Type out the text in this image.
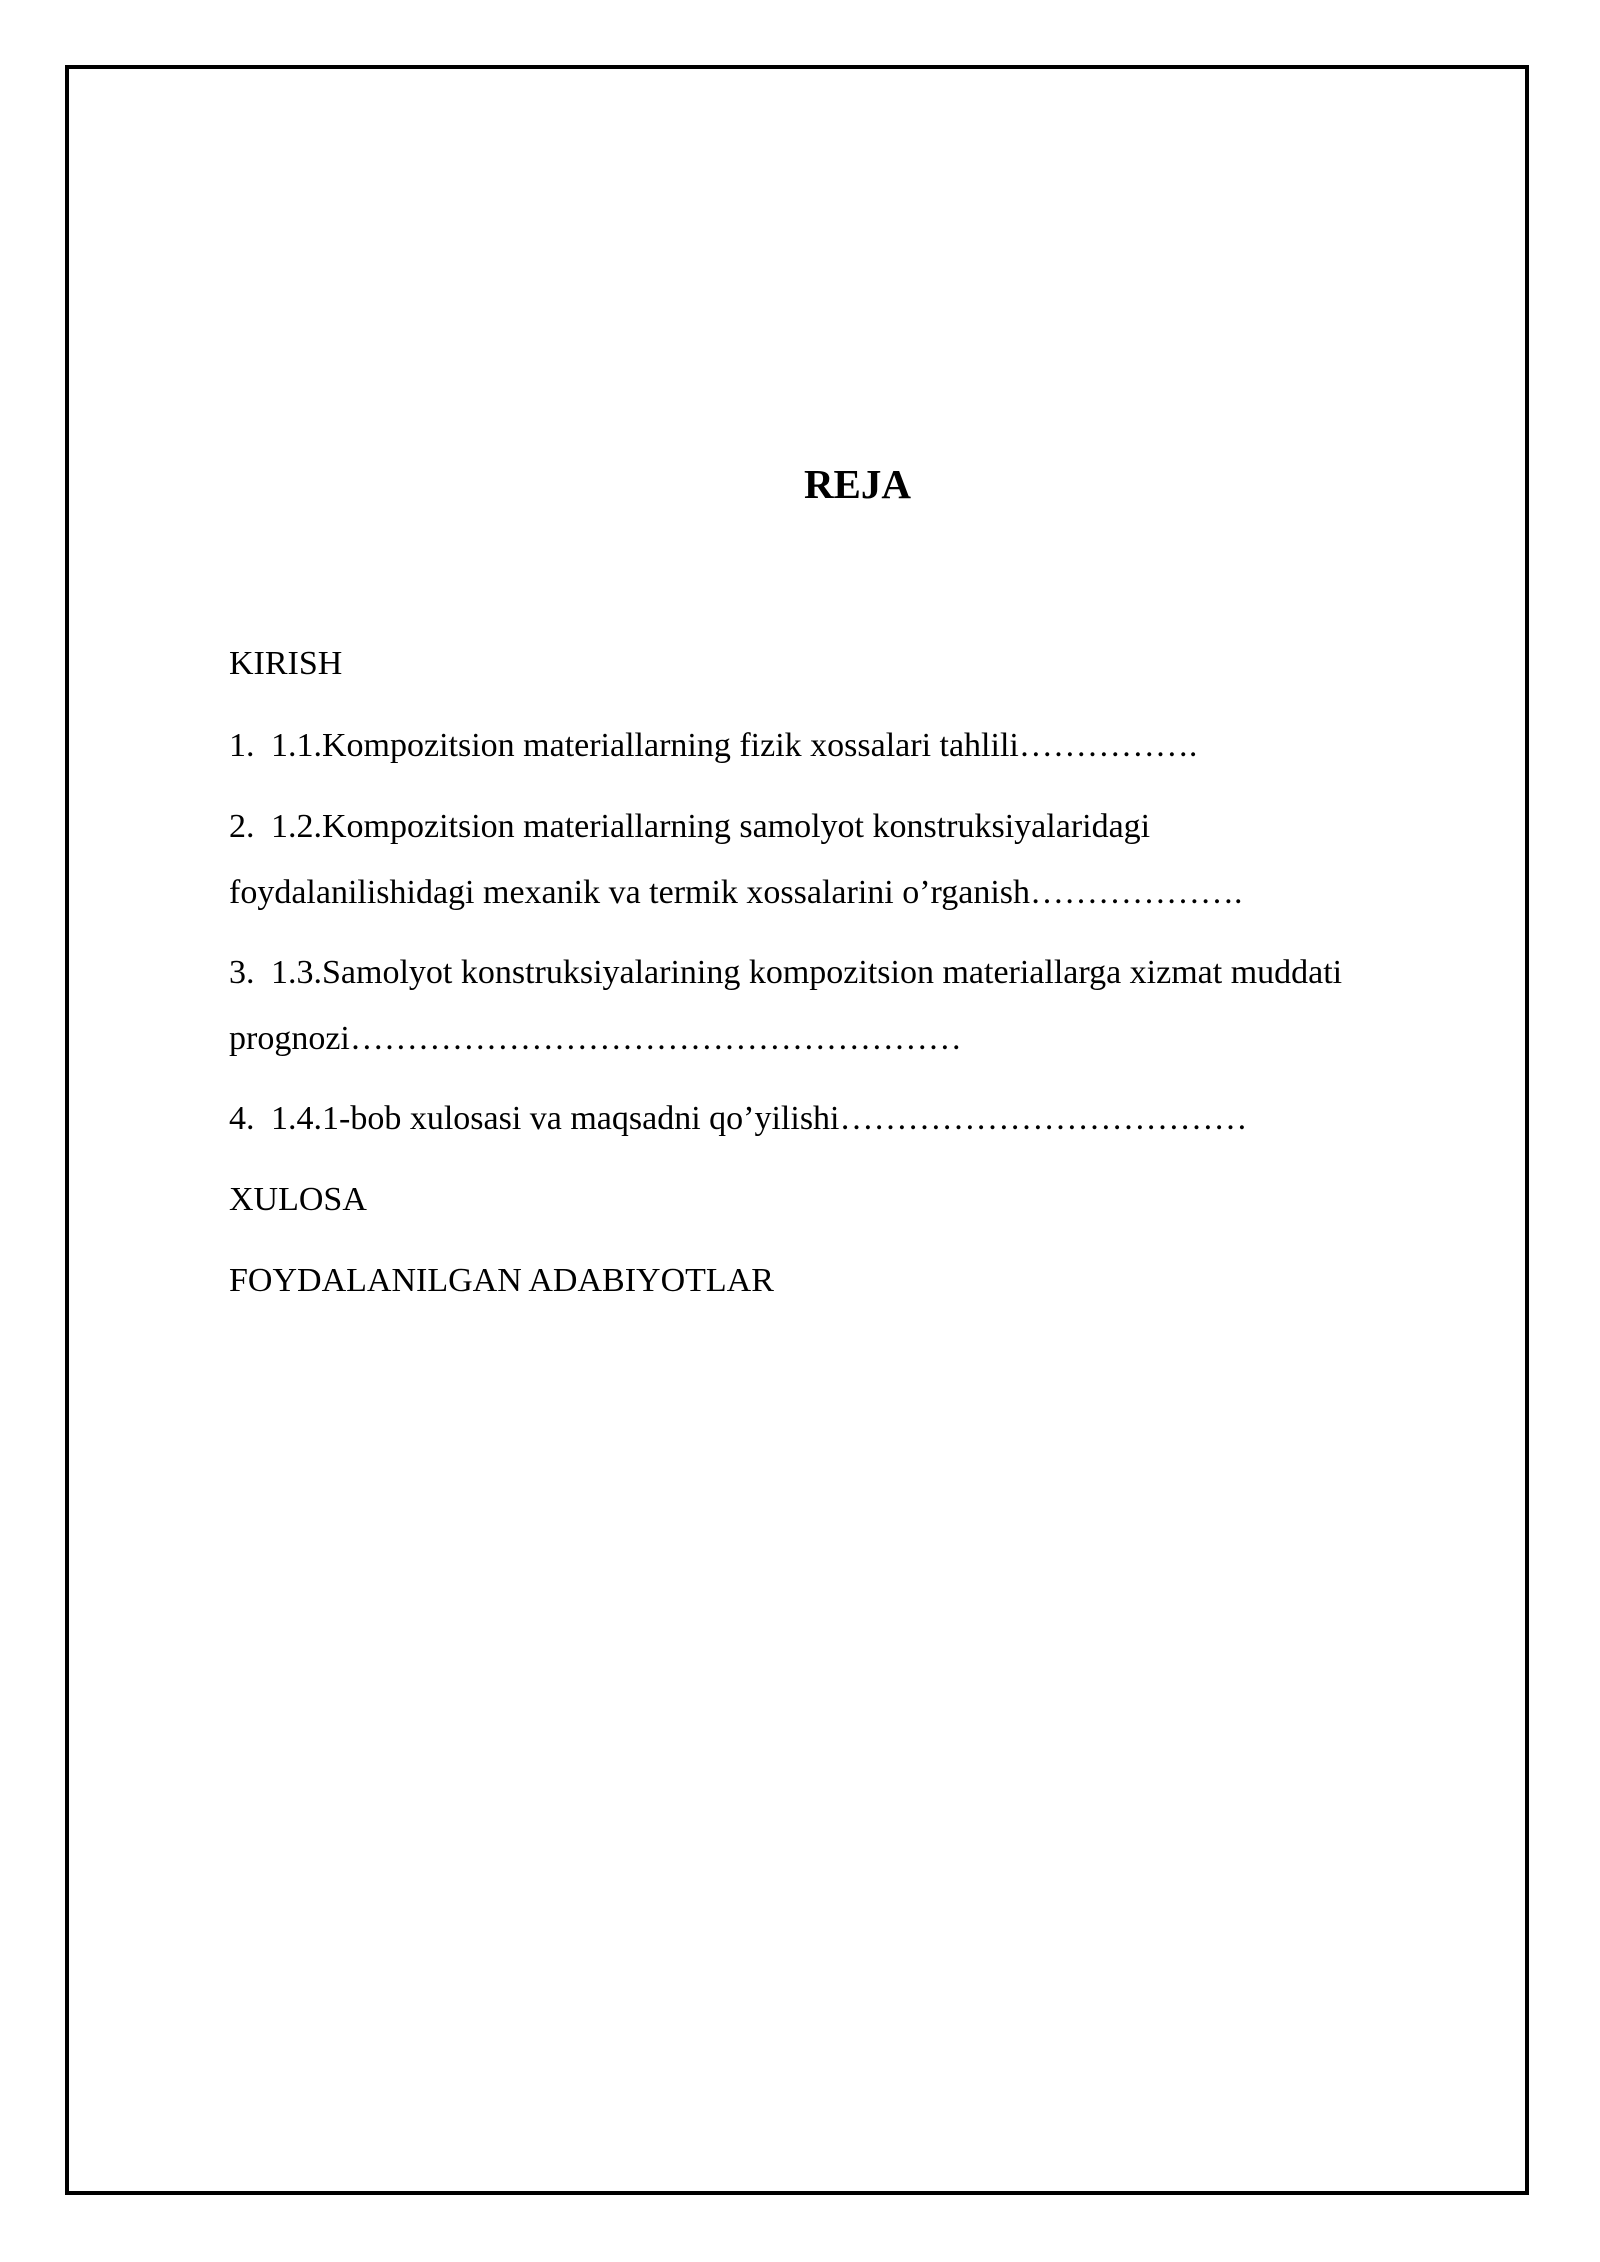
REJA
KIRISH
1. 1.1.Kompozitsion materiallarning fizik xossalari tahlili…………….
2. 1.2.Kompozitsion materiallarning samolyot konstruksiyalaridagi
foydalanilishidagi mexanik va termik xossalarini o’rganish……………….
3. 1.3.Samolyot konstruksiyalarining kompozitsion materiallarga xizmat muddati
prognozi………………………………………………
4. 1.4.1-bob xulosasi va maqsadni qo’yilishi………………………………
XULOSA
FOYDALANILGAN ADABIYOTLAR
